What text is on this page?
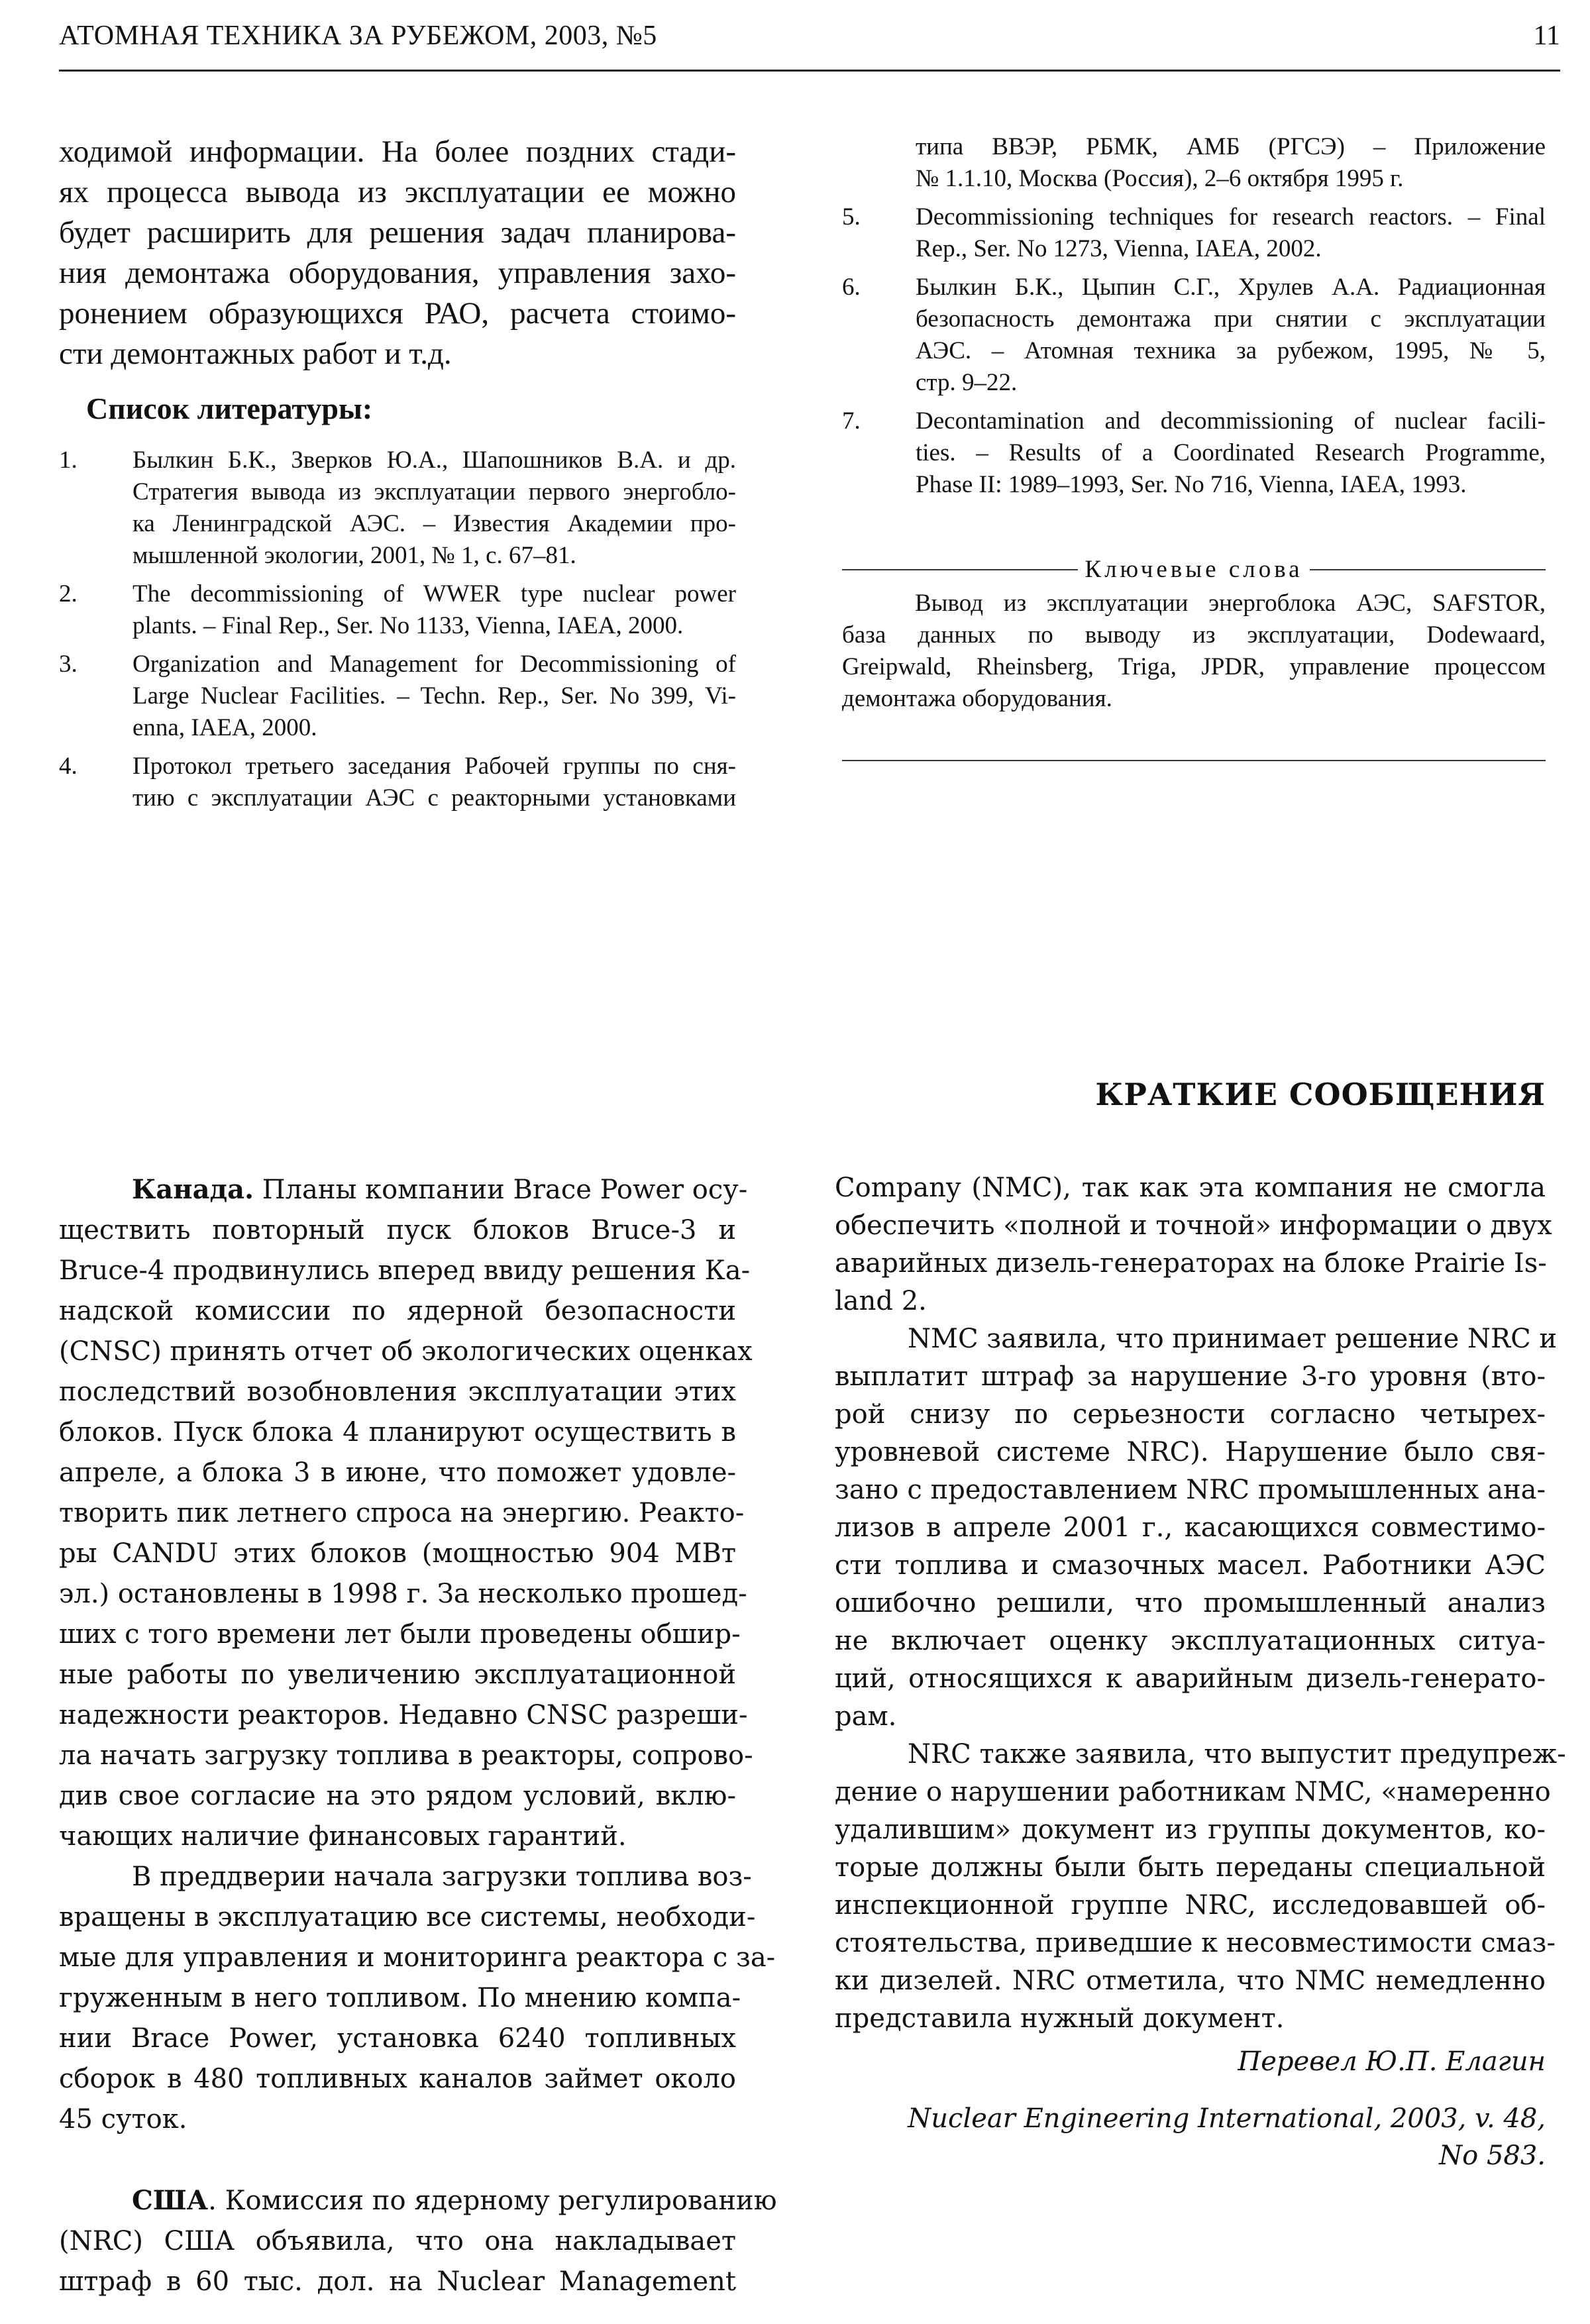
АТОМНАЯ ТЕХНИКА ЗА РУБЕЖОМ, 2003, №5	11
ходимой информации. На более поздних стади-
ях процесса вывода из эксплуатации ее можно
будет расширить для решения задач планирова-
ния демонтажа оборудования, управления захо-
ронением образующихся РАО, расчета стоимо-
сти демонтажных работ и т.д.
Список литературы:
1. Былкин Б.К., Зверков Ю.А., Шапошников В.А. и др.
Стратегия вывода из эксплуатации первого энергобло-
ка Ленинградской АЭС. – Известия Академии про-
мышленной экологии, 2001, № 1, с. 67–81.
2. The decommissioning of WWER type nuclear power
plants. – Final Rep., Ser. No 1133, Vienna, IAEA, 2000.
3. Organization and Management for Decommissioning of
Large Nuclear Facilities. – Techn. Rep., Ser. No 399, Vi-
enna, IAEA, 2000.
4. Протокол третьего заседания Рабочей группы по сня-
тию с эксплуатации АЭС с реакторными установками
типа ВВЭР, РБМК, АМБ (РГСЭ) – Приложение
№ 1.1.10, Москва (Россия), 2–6 октября 1995 г.
5. Decommissioning techniques for research reactors. – Final
Rep., Ser. No 1273, Vienna, IAEA, 2002.
6. Былкин Б.К., Цыпин С.Г., Хрулев А.А. Радиационная
безопасность демонтажа при снятии с эксплуатации
АЭС. – Атомная техника за рубежом, 1995, № 5,
стр. 9–22.
7. Decontamination and decommissioning of nuclear facili-
ties. – Results of a Coordinated Research Programme,
Phase II: 1989–1993, Ser. No 716, Vienna, IAEA, 1993.
Ключевые слова
Вывод из эксплуатации энергоблока АЭС, SAFSTOR,
база данных по выводу из эксплуатации, Dodewaard,
Greipwald, Rheinsberg, Triga, JPDR, управление процессом
демонтажа оборудования.
КРАТКИЕ СООБЩЕНИЯ
Канада. Планы компании Brace Power осу-
ществить повторный пуск блоков Bruce-3 и
Bruce-4 продвинулись вперед ввиду решения Ка-
надской комиссии по ядерной безопасности
(CNSC) принять отчет об экологических оценках
последствий возобновления эксплуатации этих
блоков. Пуск блока 4 планируют осуществить в
апреле, а блока 3 в июне, что поможет удовле-
творить пик летнего спроса на энергию. Реакто-
ры CANDU этих блоков (мощностью 904 МВт
эл.) остановлены в 1998 г. За несколько прошед-
ших с того времени лет были проведены обшир-
ные работы по увеличению эксплуатационной
надежности реакторов. Недавно CNSC разреши-
ла начать загрузку топлива в реакторы, сопрово-
див свое согласие на это рядом условий, вклю-
чающих наличие финансовых гарантий.
В преддверии начала загрузки топлива воз-
вращены в эксплуатацию все системы, необходи-
мые для управления и мониторинга реактора с за-
груженным в него топливом. По мнению компа-
нии Brace Power, установка 6240 топливных
сборок в 480 топливных каналов займет около
45 суток.
США. Комиссия по ядерному регулированию
(NRC) США объявила, что она накладывает
штраф в 60 тыс. дол. на Nuclear Management
Company (NMC), так как эта компания не смогла
обеспечить «полной и точной» информации о двух
аварийных дизель-генераторах на блоке Prairie Is-
land 2.
NMC заявила, что принимает решение NRC и
выплатит штраф за нарушение 3-го уровня (вто-
рой снизу по серьезности согласно четырех-
уровневой системе NRC). Нарушение было свя-
зано с предоставлением NRC промышленных ана-
лизов в апреле 2001 г., касающихся совместимо-
сти топлива и смазочных масел. Работники АЭС
ошибочно решили, что промышленный анализ
не включает оценку эксплуатационных ситуа-
ций, относящихся к аварийным дизель-генерато-
рам.
NRC также заявила, что выпустит предупреж-
дение о нарушении работникам NMC, «намеренно
удалившим» документ из группы документов, ко-
торые должны были быть переданы специальной
инспекционной группе NRC, исследовавшей об-
стоятельства, приведшие к несовместимости смаз-
ки дизелей. NRC отметила, что NMC немедленно
представила нужный документ.
Перевел Ю.П. Елагин
Nuclear Engineering International, 2003, v. 48,
No 583.
